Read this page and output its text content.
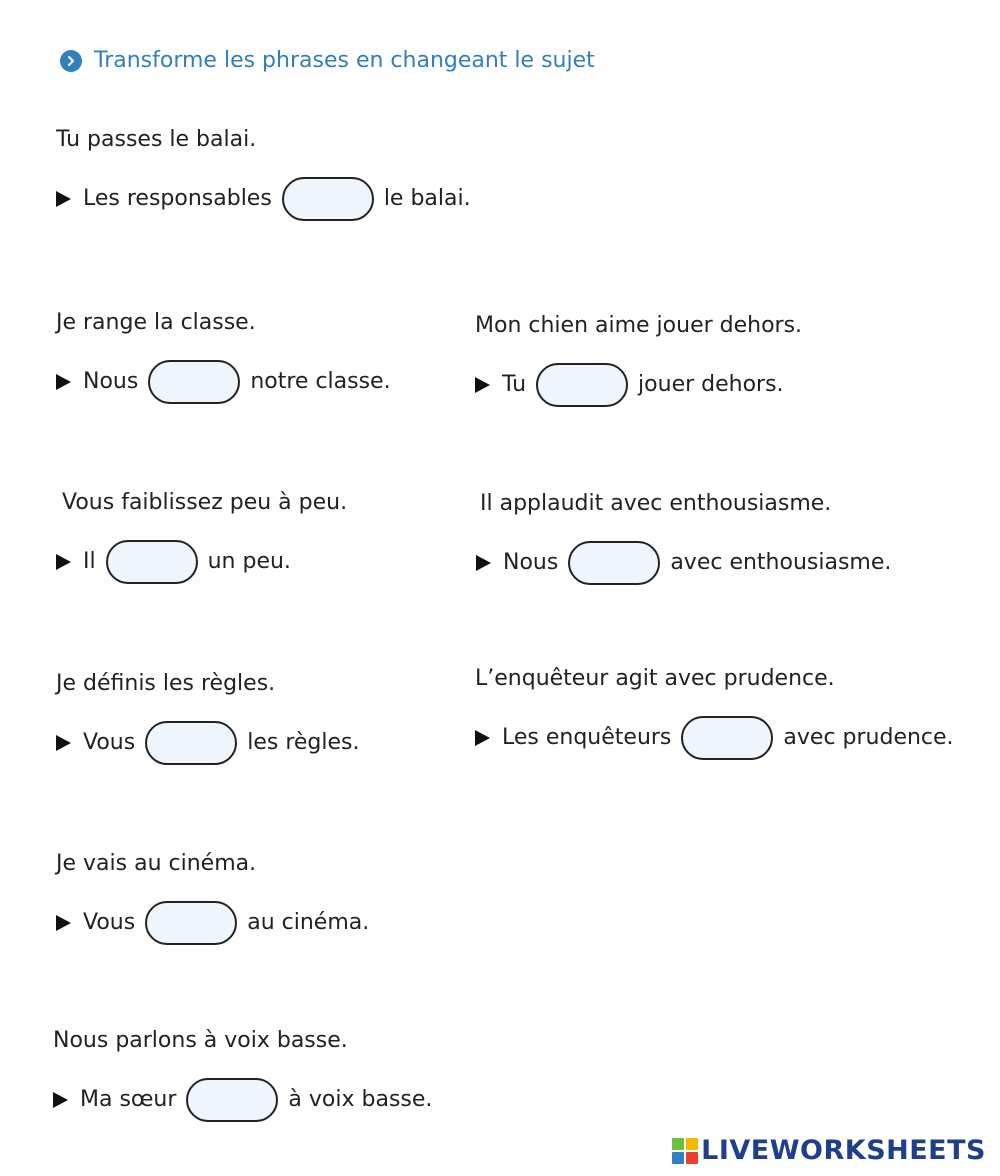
Transforme les phrases en changeant le sujet
Tu passes le balai.
Les responsables	le balai.
Je range la classe.
Nous	notre classe.
Mon chien aime jouer dehors.
Tu	jouer dehors.
Vous faiblissez peu à peu.
Il	un peu.
Il applaudit avec enthousiasme.
Nous	avec enthousiasme.
Je définis les règles.
Vous	les règles.
L’enquêteur agit avec prudence.
Les enquêteurs	avec prudence.
Je vais au cinéma.
Vous	au cinéma.
Nous parlons à voix basse.
Ma sœur	à voix basse.
LIVEWORKSHEETS
